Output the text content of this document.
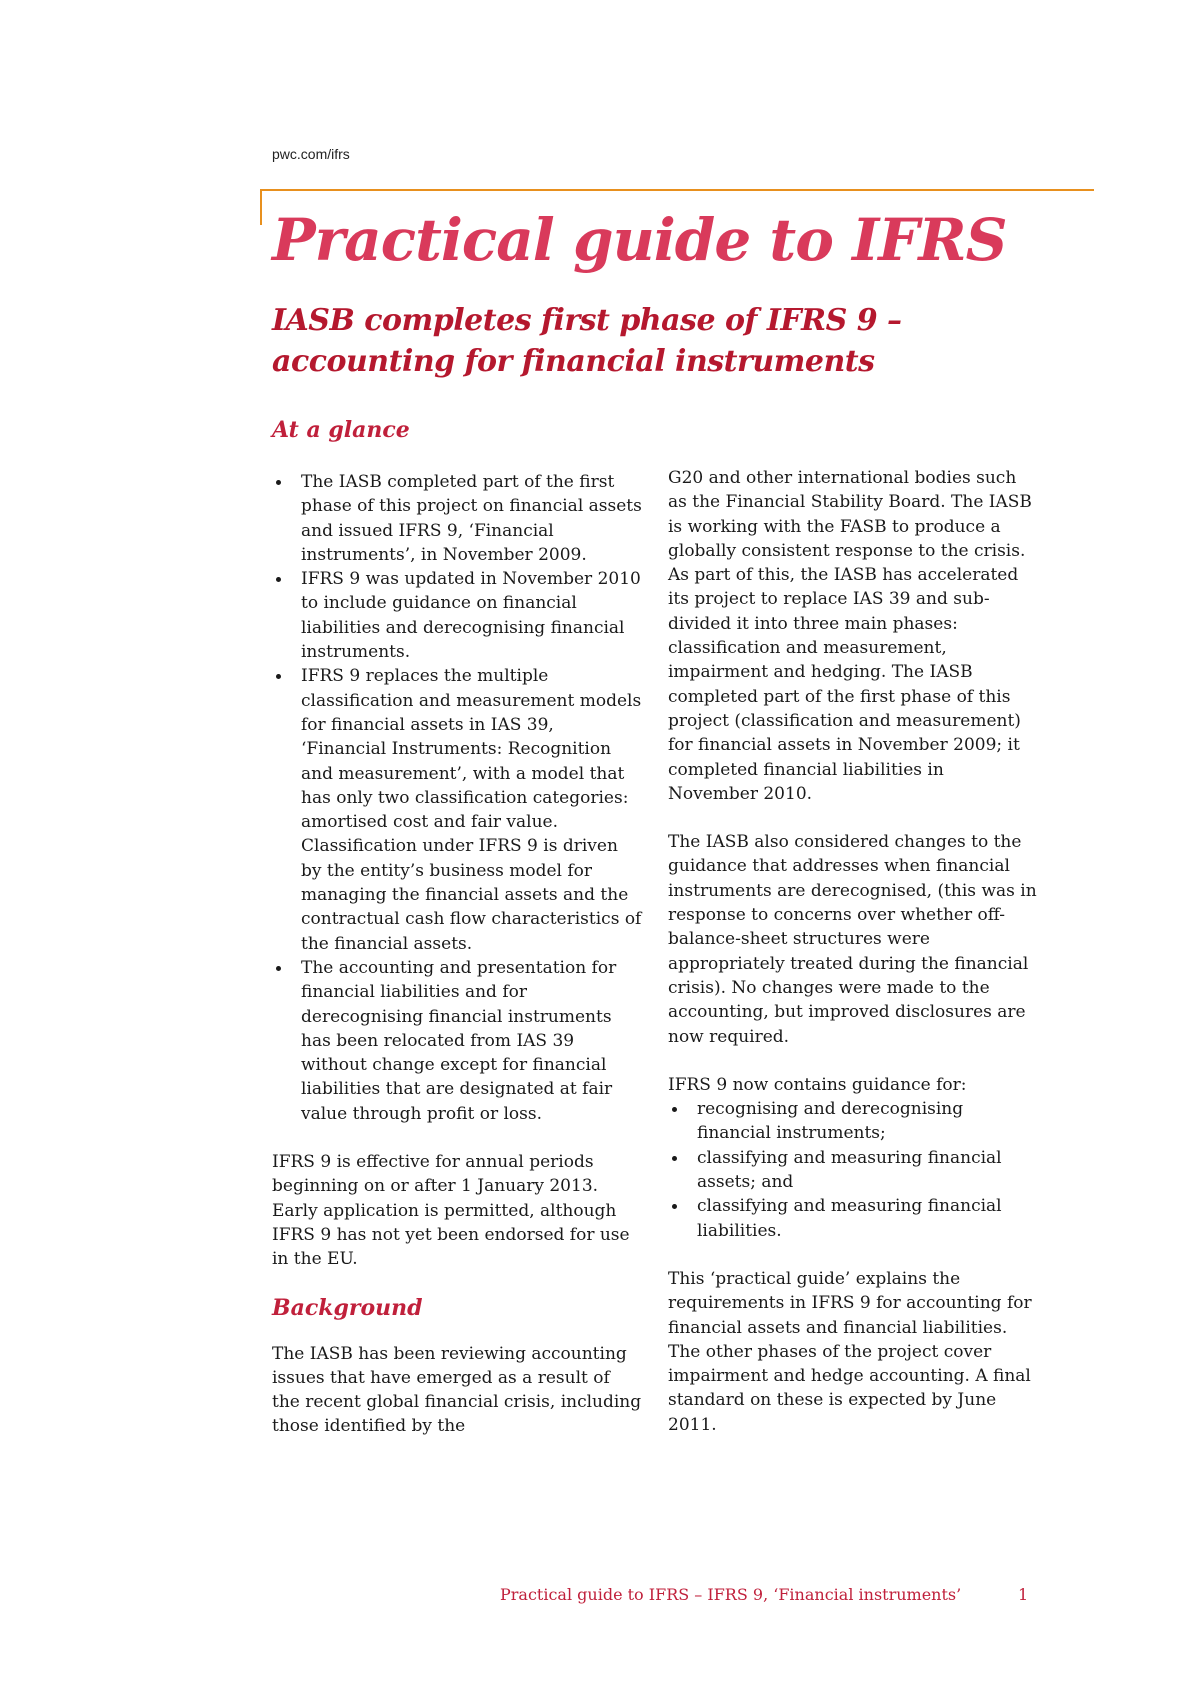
pwc.com/ifrs
Practical guide to IFRS
IASB completes first phase of IFRS 9 –
accounting for financial instruments
At a glance
The IASB completed part of the first phase of this project on financial assets and issued IFRS 9, ‘Financial instruments’, in November 2009.
IFRS 9 was updated in November 2010 to include guidance on financial liabilities and derecognising financial instruments.
IFRS 9 replaces the multiple classification and measurement models for financial assets in IAS 39, ‘Financial Instruments: Recognition and measurement’, with a model that has only two classification categories: amortised cost and fair value. Classification under IFRS 9 is driven by the entity’s business model for managing the financial assets and the contractual cash flow characteristics of the financial assets.
The accounting and presentation for financial liabilities and for derecognising financial instruments has been relocated from IAS 39 without change except for financial liabilities that are designated at fair value through profit or loss.

IFRS 9 is effective for annual periods beginning on or after 1 January 2013. Early application is permitted, although IFRS 9 has not yet been endorsed for use in the EU.

Background

The IASB has been reviewing accounting issues that have emerged as a result of the recent global financial crisis, including those identified by the

G20 and other international bodies such as the Financial Stability Board. The IASB is working with the FASB to produce a globally consistent response to the crisis. As part of this, the IASB has accelerated its project to replace IAS 39 and sub-divided it into three main phases: classification and measurement, impairment and hedging. The IASB completed part of the first phase of this project (classification and measurement) for financial assets in November 2009; it completed financial liabilities in November 2010.

The IASB also considered changes to the guidance that addresses when financial instruments are derecognised, (this was in response to concerns over whether off-balance-sheet structures were appropriately treated during the financial crisis). No changes were made to the accounting, but improved disclosures are now required.

IFRS 9 now contains guidance for:

recognising and derecognising financial instruments;
classifying and measuring financial assets; and
classifying and measuring financial liabilities.

This ‘practical guide’ explains the requirements in IFRS 9 for accounting for financial assets and financial liabilities. The other phases of the project cover impairment and hedge accounting. A final standard on these is expected by June 2011.

Practical guide to IFRS – IFRS 9, ‘Financial instruments’	1
